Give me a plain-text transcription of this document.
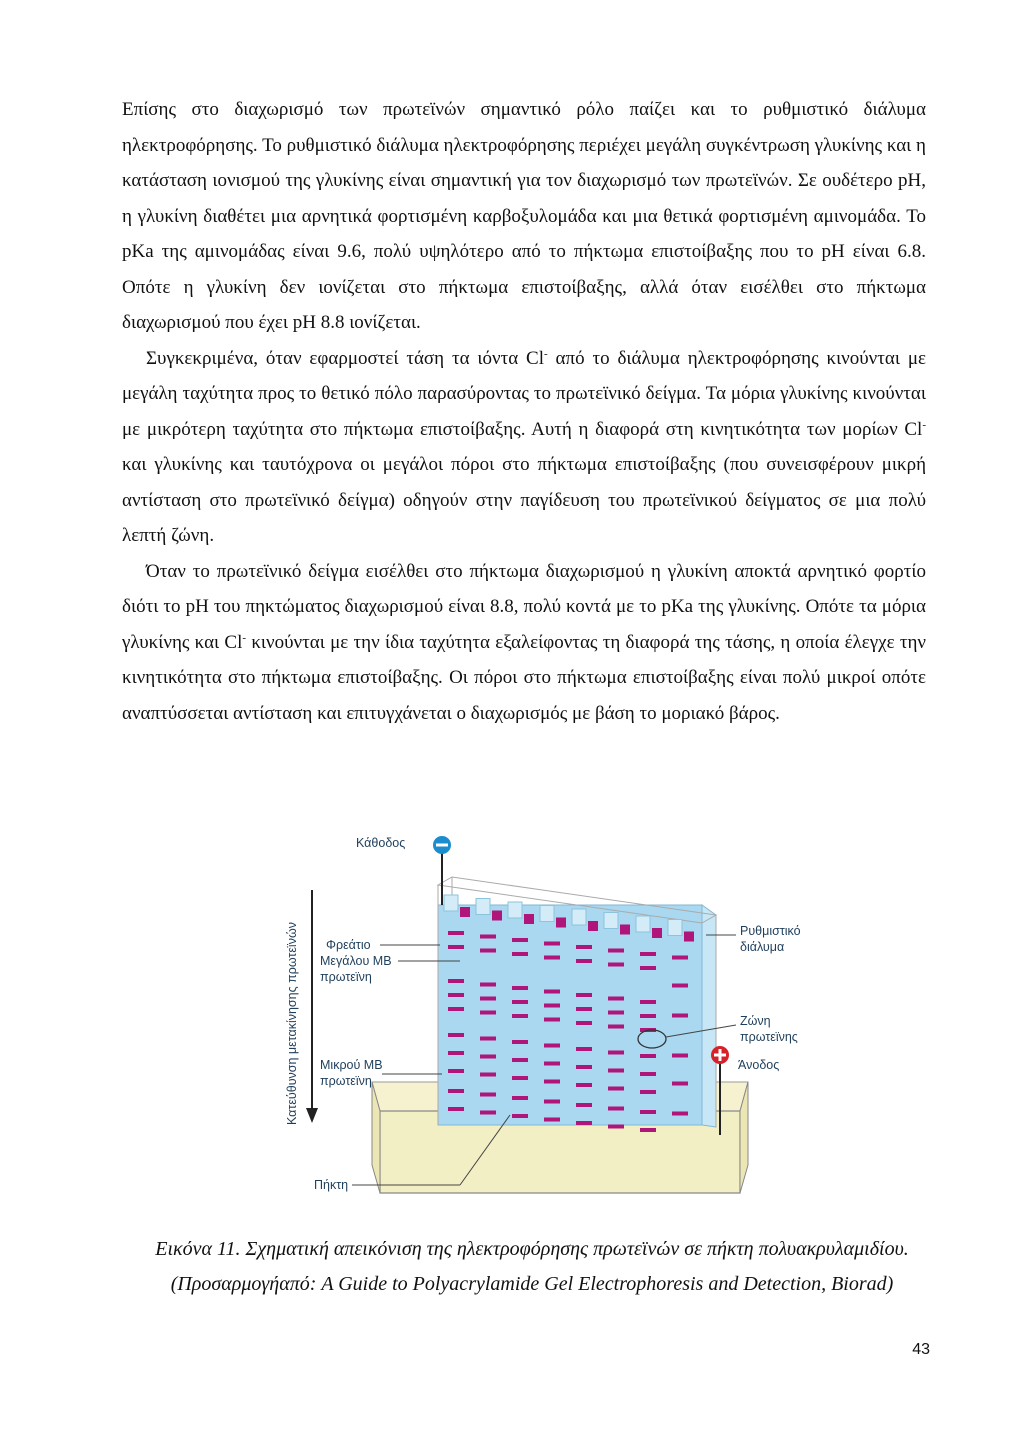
Επίσης στο διαχωρισμό των πρωτεϊνών σημαντικό ρόλο παίζει και το ρυθμιστικό διάλυμα ηλεκτροφόρησης. Το ρυθμιστικό διάλυμα ηλεκτροφόρησης περιέχει μεγάλη συγκέντρωση γλυκίνης και η κατάσταση ιονισμού της γλυκίνης είναι σημαντική για τον διαχωρισμό των πρωτεϊνών. Σε ουδέτερο pH, η γλυκίνη διαθέτει μια αρνητικά φορτισμένη καρβοξυλομάδα και μια θετικά φορτισμένη αμινομάδα. Το pKa της αμινομάδας είναι 9.6, πολύ υψηλότερο από το πήκτωμα επιστοίβαξης που το pH είναι 6.8. Οπότε η γλυκίνη δεν ιονίζεται στο πήκτωμα επιστοίβαξης, αλλά όταν εισέλθει στο πήκτωμα διαχωρισμού που έχει pH 8.8 ιονίζεται.

Συγκεκριμένα, όταν εφαρμοστεί τάση τα ιόντα Cl- από το διάλυμα ηλεκτροφόρησης κινούνται με μεγάλη ταχύτητα προς το θετικό πόλο παρασύροντας το πρωτεϊνικό δείγμα. Τα μόρια γλυκίνης κινούνται με μικρότερη ταχύτητα στο πήκτωμα επιστοίβαξης. Αυτή η διαφορά στη κινητικότητα των μορίων Cl- και γλυκίνης και ταυτόχρονα οι μεγάλοι πόροι στο πήκτωμα επιστοίβαξης (που συνεισφέρουν μικρή αντίσταση στο πρωτεϊνικό δείγμα) οδηγούν στην παγίδευση του πρωτεϊνικού δείγματος σε μια πολύ λεπτή ζώνη.

Όταν το πρωτεϊνικό δείγμα εισέλθει στο πήκτωμα διαχωρισμού η γλυκίνη αποκτά αρνητικό φορτίο διότι το pH του πηκτώματος διαχωρισμού είναι 8.8, πολύ κοντά με το pKa της γλυκίνης. Οπότε τα μόρια γλυκίνης και Cl- κινούνται με την ίδια ταχύτητα εξαλείφοντας τη διαφορά της τάσης, η οποία έλεγχε την κινητικότητα στο πήκτωμα επιστοίβαξης. Οι πόροι στο πήκτωμα επιστοίβαξης είναι πολύ μικροί οπότε αναπτύσσεται αντίσταση και επιτυγχάνεται ο διαχωρισμός με βάση το μοριακό βάρος.

Κατεύθυνση μετακίνησης πρωτεϊνών
Κάθοδος
Άνοδος
Φρεάτιο
Μεγάλου ΜΒ
πρωτεϊνη
Μικρού ΜΒ
πρωτεϊνη
Πήκτη
Ρυθμιστικό
διάλυμα
Ζώνη
πρωτεϊνης
Εικόνα 11. Σχηματική απεικόνιση της ηλεκτροφόρησης πρωτεϊνών σε πήκτη πολυακρυλαμιδίου.
(Προσαρμογήαπό: A Guide to Polyacrylamide Gel Electrophoresis and Detection, Biorad)
43
